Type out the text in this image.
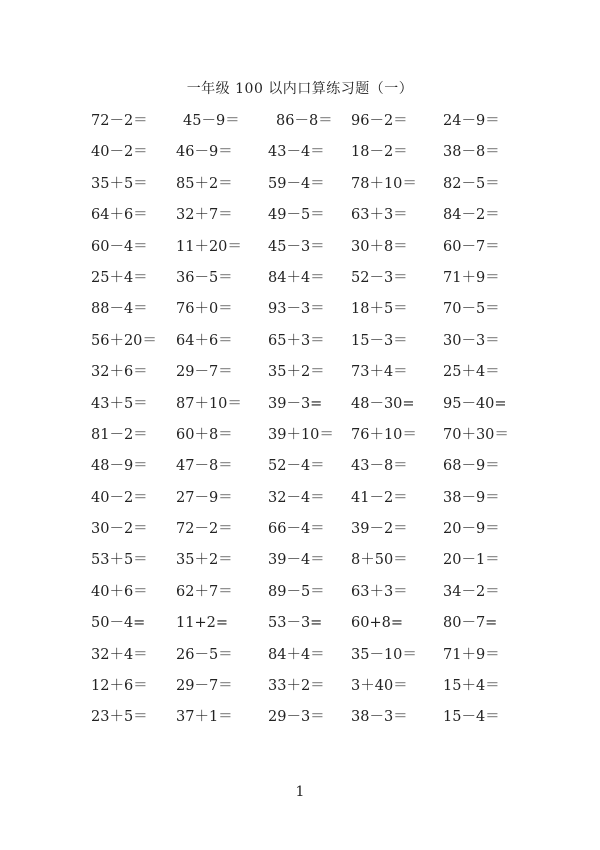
一年级 100 以内口算练习题（一）
72－2＝ 45－9＝	86－8＝ 96－2＝ 24－9＝
40－2＝ 46－9＝ 43－4＝ 18－2＝ 38－8＝
35＋5＝ 85＋2＝ 59－4＝ 78＋10＝ 82－5＝
64＋6＝ 32＋7＝ 49－5＝ 63＋3＝ 84－2＝
60－4＝ 11＋20＝ 45－3＝ 30＋8＝ 60－7＝
25＋4＝ 36－5＝ 84＋4＝ 52－3＝ 71＋9＝
88－4＝ 76＋0＝ 93－3＝ 18＋5＝ 70－5＝
56＋20＝ 64＋6＝ 65＋3＝ 15－3＝ 30－3＝
32＋6＝ 29－7＝ 35＋2＝ 73＋4＝ 25＋4＝
43＋5＝ 87＋10＝ 39－3= 48－30= 95－40=
81－2＝ 60＋8＝ 39＋10＝ 76＋10＝ 70＋30＝
48－9＝ 47－8＝ 52－4＝ 43－8＝ 68－9＝
40－2＝ 27－9＝ 32－4＝ 41－2＝ 38－9＝
30－2＝ 72－2＝ 66－4＝ 39－2＝ 20－9＝
53＋5＝ 35＋2＝ 39－4＝ 8＋50＝ 20－1＝
40＋6＝ 62＋7＝ 89－5＝ 63＋3＝ 34－2＝
50－4= 11+2=	53－3= 60+8=	80－7=
32＋4＝ 26－5＝ 84＋4＝ 35－10＝ 71＋9＝
12＋6＝ 29－7＝ 33＋2＝ 3＋40＝ 15＋4＝
23＋5＝ 37＋1＝ 29－3＝ 38－3＝ 15－4＝
1
